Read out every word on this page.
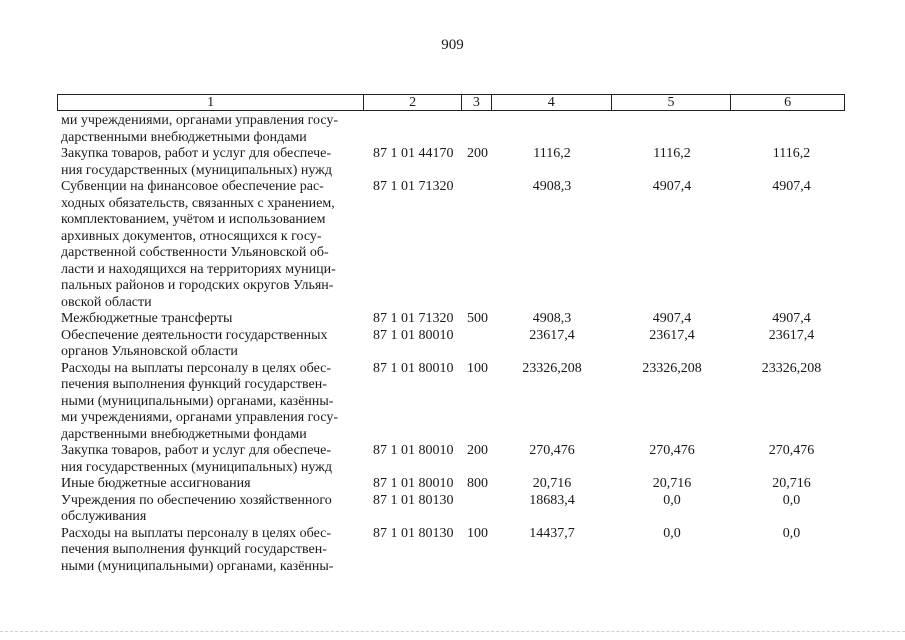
909
1	2	3	4	5	6
ми учреждениями, органами управления госу-
дарственными внебюджетными фондами
Закупка товаров, работ и услуг для обеспече-
ния государственных (муниципальных) нужд
87 1 01 44170 200	1116,2	1116,2	1116,2
Субвенции на финансовое обеспечение рас-
ходных обязательств, связанных с хранением,
комплектованием, учётом и использованием
архивных документов, относящихся к госу-
дарственной собственности Ульяновской об-
ласти и находящихся на территориях муници-
пальных районов и городских округов Ульян-
овской области
87 1 01 71320	4908,3	4907,4	4907,4
Межбюджетные трансферты	87 1 01 71320 500	4908,3	4907,4	4907,4
Обеспечение деятельности государственных
органов Ульяновской области
87 1 01 80010	23617,4	23617,4	23617,4
Расходы на выплаты персоналу в целях обес-
печения выполнения функций государствен-
ными (муниципальными) органами, казённы-
ми учреждениями, органами управления госу-
дарственными внебюджетными фондами
87 1 01 80010 100	23326,208	23326,208	23326,208
Закупка товаров, работ и услуг для обеспече-
ния государственных (муниципальных) нужд
87 1 01 80010 200	270,476	270,476	270,476
Иные бюджетные ассигнования	87 1 01 80010 800	20,716	20,716	20,716
Учреждения по обеспечению хозяйственного
обслуживания
87 1 01 80130	18683,4	0,0	0,0
Расходы на выплаты персоналу в целях обес-
печения выполнения функций государствен-
ными (муниципальными) органами, казённы-
87 1 01 80130 100	14437,7	0,0	0,0
